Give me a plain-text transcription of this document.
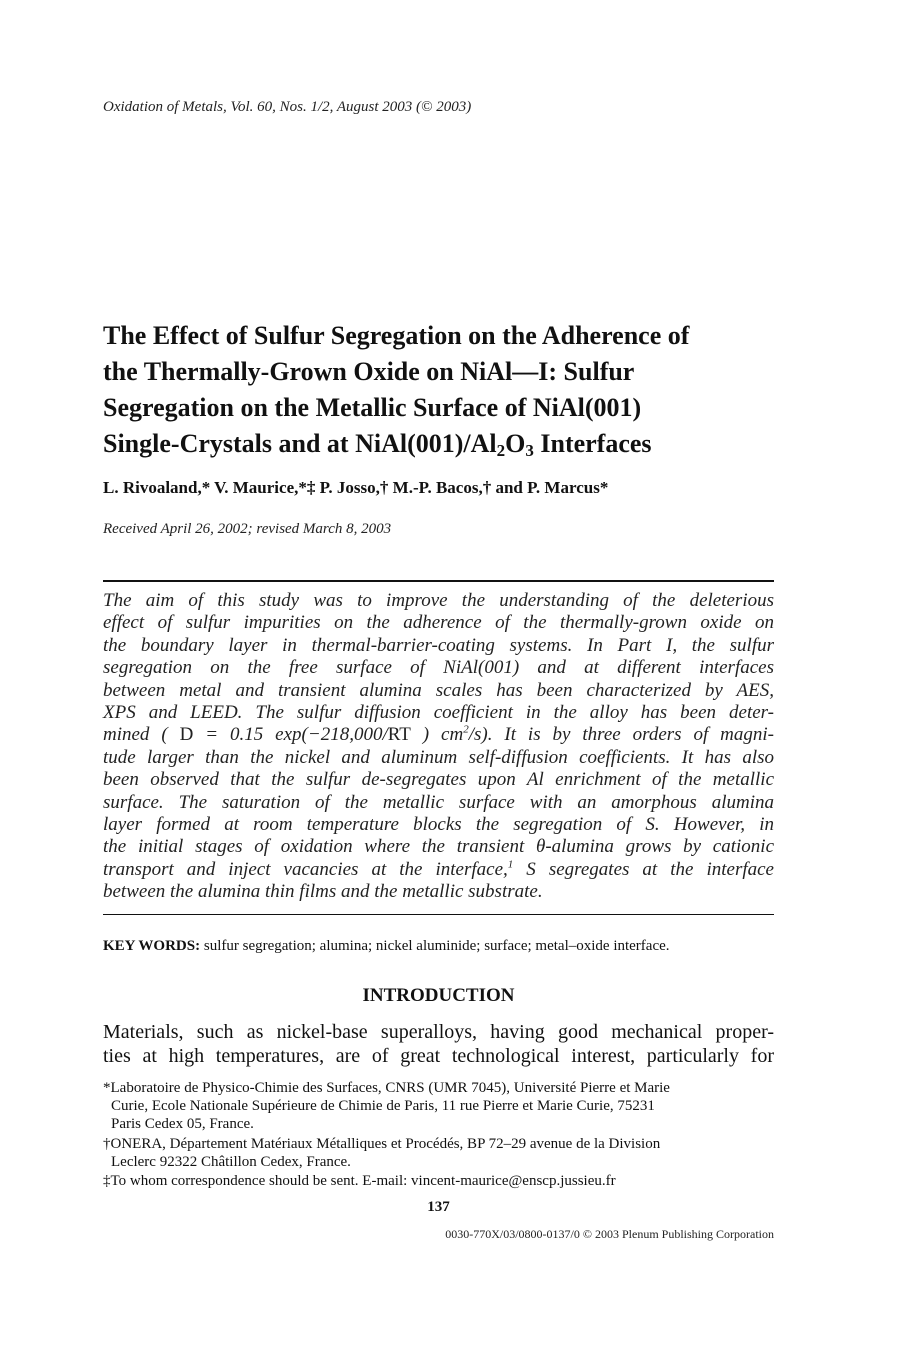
Oxidation of Metals, Vol. 60, Nos. 1/2, August 2003 (© 2003)
The Effect of Sulfur Segregation on the Adherence of
the Thermally-Grown Oxide on NiAl—I: Sulfur
Segregation on the Metallic Surface of NiAl(001)
Single-Crystals and at $NiAl(001)/Al_2O_3$ Interfaces
L. Rivoaland,* V. Maurice,*‡ P. Josso,† M.-P. Bacos,† and P. Marcus*
Received April 26, 2002; revised March 8, 2003
The aim of this study was to improve the understanding of the deleterious
effect of sulfur impurities on the adherence of the thermally-grown oxide on
the boundary layer in thermal-barrier-coating systems. In Part I, the sulfur
segregation on the free surface of NiAl(001) and at different interfaces
between metal and transient alumina scales has been characterized by AES,
XPS and LEED. The sulfur diffusion coefficient in the alloy has been deter-
mined ( D = 0.15 exp(−218,000/RT ) $cm^2/s$). It is by three orders of magni-
tude larger than the nickel and aluminum self-diffusion coefficients. It has also
been observed that the sulfur de-segregates upon Al enrichment of the metallic
surface. The saturation of the metallic surface with an amorphous alumina
layer formed at room temperature blocks the segregation of S. However, in
the initial stages of oxidation where the transient θ-alumina grows by cationic
transport and inject vacancies at the interface,$^1$ S segregates at the interface
between the alumina thin films and the metallic substrate.
KEY WORDS: sulfur segregation; alumina; nickel aluminide; surface; metal–oxide interface.
INTRODUCTION
Materials, such as nickel-base superalloys, having good mechanical proper-
ties at high temperatures, are of great technological interest, particularly for
*Laboratoire de Physico-Chimie des Surfaces, CNRS (UMR 7045), Université Pierre et Marie
Curie, Ecole Nationale Supérieure de Chimie de Paris, 11 rue Pierre et Marie Curie, 75231
Paris Cedex 05, France.
†ONERA, Département Matériaux Métalliques et Procédés, BP 72–29 avenue de la Division
Leclerc 92322 Châtillon Cedex, France.
‡To whom correspondence should be sent. E-mail: vincent-maurice@enscp.jussieu.fr
137
0030-770X/03/0800-0137/0 © 2003 Plenum Publishing Corporation
